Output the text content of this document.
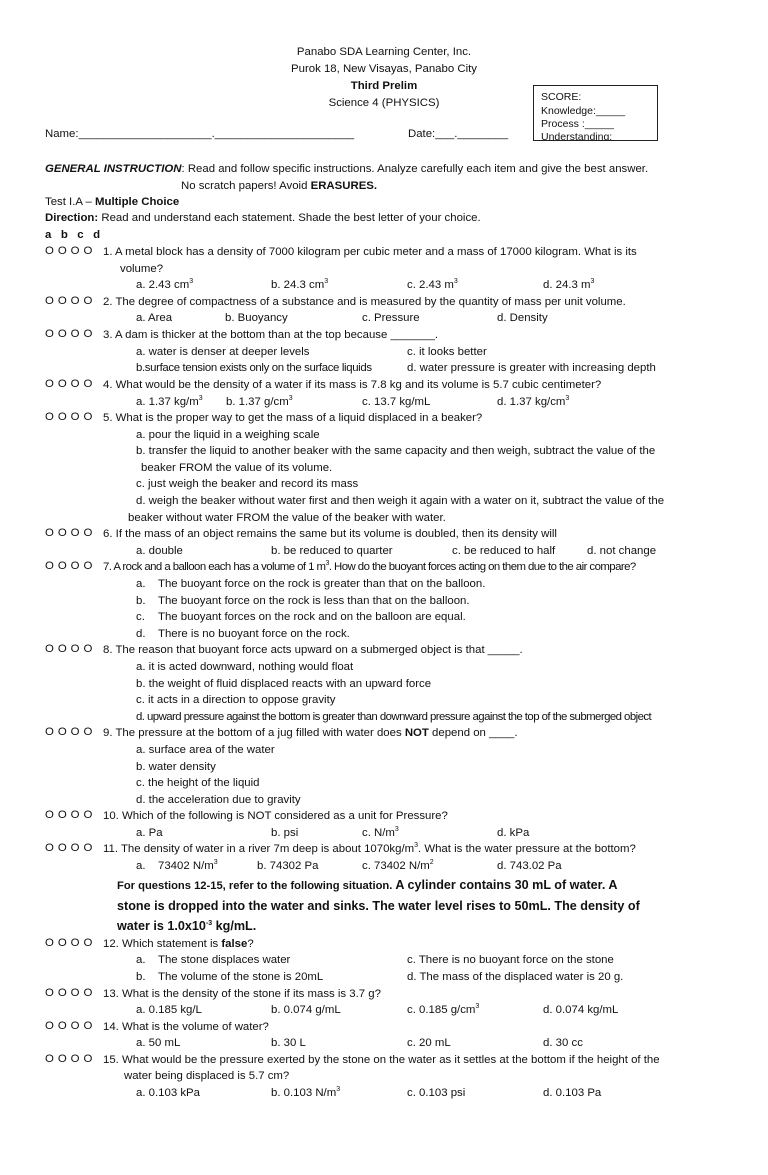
Panabo SDA Learning Center, Inc.
Purok 18, New Visayas, Panabo City
Third Prelim
Science 4 (PHYSICS)
Name:_____________________.______________________	Date:___.________
SCORE:
Knowledge:_____
Process :_____
Understanding:
GENERAL INSTRUCTION: Read and follow specific instructions. Analyze carefully each item and give the best answer.
No scratch papers! Avoid ERASURES.
Test I.A – Multiple Choice
Direction: Read and understand each statement. Shade the best letter of your choice.
a   b   c   d
O O O O 1. A metal block has a density of 7000 kilogram per cubic meter and a mass of 17000 kilogram. What is its
volume?
a. 2.43 $cm^3$	b. 24.3 $cm^3$	c. 2.43 $m^3$	d. 24.3 $m^3$
O O O O 2. The degree of compactness of a substance and is measured by the quantity of mass per unit volume.
a. Area	b. Buoyancy	c. Pressure	d. Density
O O O O 3. A dam is thicker at the bottom than at the top because _______.
a. water is denser at deeper levels	c. it looks better
b.surface tension exists only on the surface liquids	d. water pressure is greater with increasing depth
O O O O 4. What would be the density of a water if its mass is 7.8 kg and its volume is 5.7 cubic centimeter?
a. 1.37 $kg/m^3$ b. 1.37 $g/cm^3$	c. 13.7 kg/mL	d. 1.37 $kg/cm^3$
O O O O 5. What is the proper way to get the mass of a liquid displaced in a beaker?
a. pour the liquid in a weighing scale
b. transfer the liquid to another beaker with the same capacity and then weigh, subtract the value of the
beaker FROM the value of its volume.
c. just weigh the beaker and record its mass
d. weigh the beaker without water first and then weigh it again with a water on it, subtract the value of the
beaker without water FROM the value of the beaker with water.
O O O O 6. If the mass of an object remains the same but its volume is doubled, then its density will
a. double	b. be reduced to quarter	c. be reduced to half	d. not change
O O O O 7. A rock and a balloon each has a volume of 1 $m^3$. How do the buoyant forces acting on them due to the air compare?
a. The buoyant force on the rock is greater than that on the balloon.
b. The buoyant force on the rock is less than that on the balloon.
c. The buoyant forces on the rock and on the balloon are equal.
d. There is no buoyant force on the rock.
O O O O 8. The reason that buoyant force acts upward on a submerged object is that _____.
a. it is acted downward, nothing would float
b. the weight of fluid displaced reacts with an upward force
c. it acts in a direction to oppose gravity
d. upward pressure against the bottom is greater than downward pressure against the top of the submerged object
O O O O 9. The pressure at the bottom of a jug filled with water does NOT depend on ____.
a. surface area of the water
b. water density
c. the height of the liquid
d. the acceleration due to gravity
O O O O 10. Which of the following is NOT considered as a unit for Pressure?
a. Pa	b. psi	c. $N/m^3$	d. kPa
O O O O 11. The density of water in a river 7m deep is about $1070kg/m^3$. What is the water pressure at the bottom?
a. 73402 $N/m^3$	b. 74302 Pa	c. 73402 $N/m^2$	d. 743.02 Pa
For questions 12-15, refer to the following situation. A cylinder contains 30 mL of water. A
stone is dropped into the water and sinks. The water level rises to 50mL. The density of
water is $1.0x10^{-3}$ kg/mL.
O O O O 12. Which statement is false?
a. The stone displaces water	c. There is no buoyant force on the stone
b. The volume of the stone is 20mL	d. The mass of the displaced water is 20 g.
O O O O 13. What is the density of the stone if its mass is 3.7 g?
a. 0.185 kg/L	b. 0.074 g/mL	c. 0.185 $g/cm^3$	d. 0.074 kg/mL
O O O O 14. What is the volume of water?
a. 50 mL	b. 30 L	c. 20 mL	d. 30 cc
O O O O 15. What would be the pressure exerted by the stone on the water as it settles at the bottom if the height of the
water being displaced is 5.7 cm?
a. 0.103 kPa	b. 0.103 $N/m^3$	c. 0.103 psi	d. 0.103 Pa
